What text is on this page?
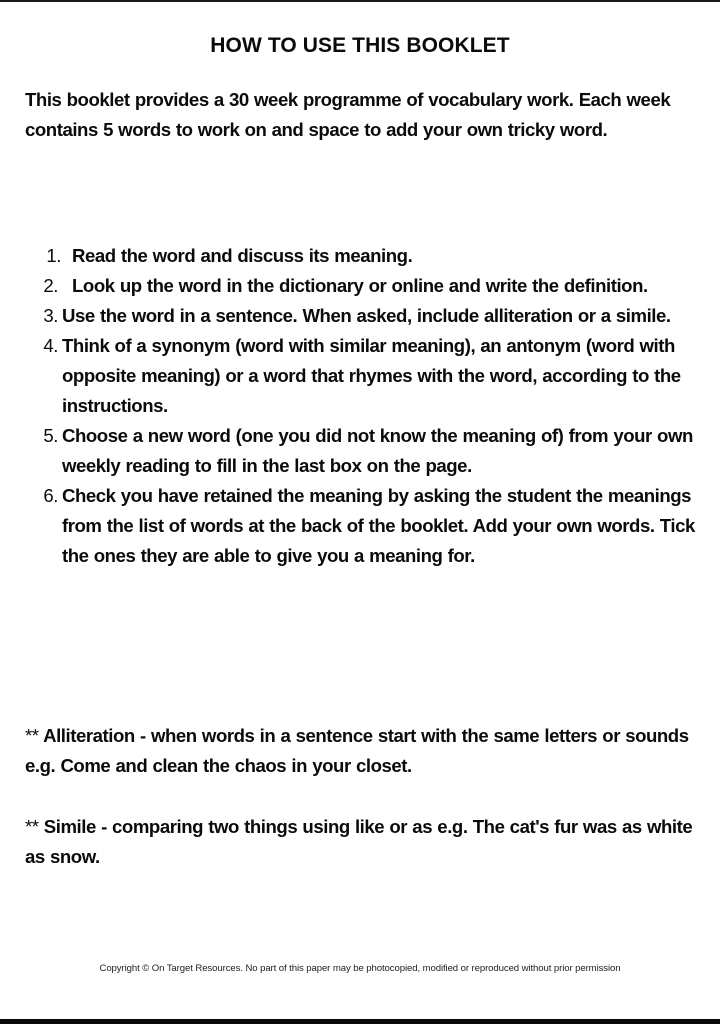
HOW TO USE THIS BOOKLET

This booklet provides a 30 week programme of vocabulary work. Each week contains 5 words to work on and space to add your own tricky word.

1. Read the word and discuss its meaning.
2. Look up the word in the dictionary or online and write the definition.
3. Use the word in a sentence. When asked, include alliteration or a simile.
4. Think of a synonym (word with similar meaning), an antonym (word with opposite meaning) or a word that rhymes with the word, according to the instructions.
5. Choose a new word (one you did not know the meaning of) from your own weekly reading to fill in the last box on the page.
6. Check you have retained the meaning by asking the student the meanings from the list of words at the back of the booklet. Add your own words. Tick the ones they are able to give you a meaning for.

** Alliteration - when words in a sentence start with the same letters or sounds e.g. Come and clean the chaos in your closet.

** Simile - comparing two things using like or as e.g. The cat's fur was as white as snow.

Copyright © On Target Resources. No part of this paper may be photocopied, modified or reproduced without prior permission
